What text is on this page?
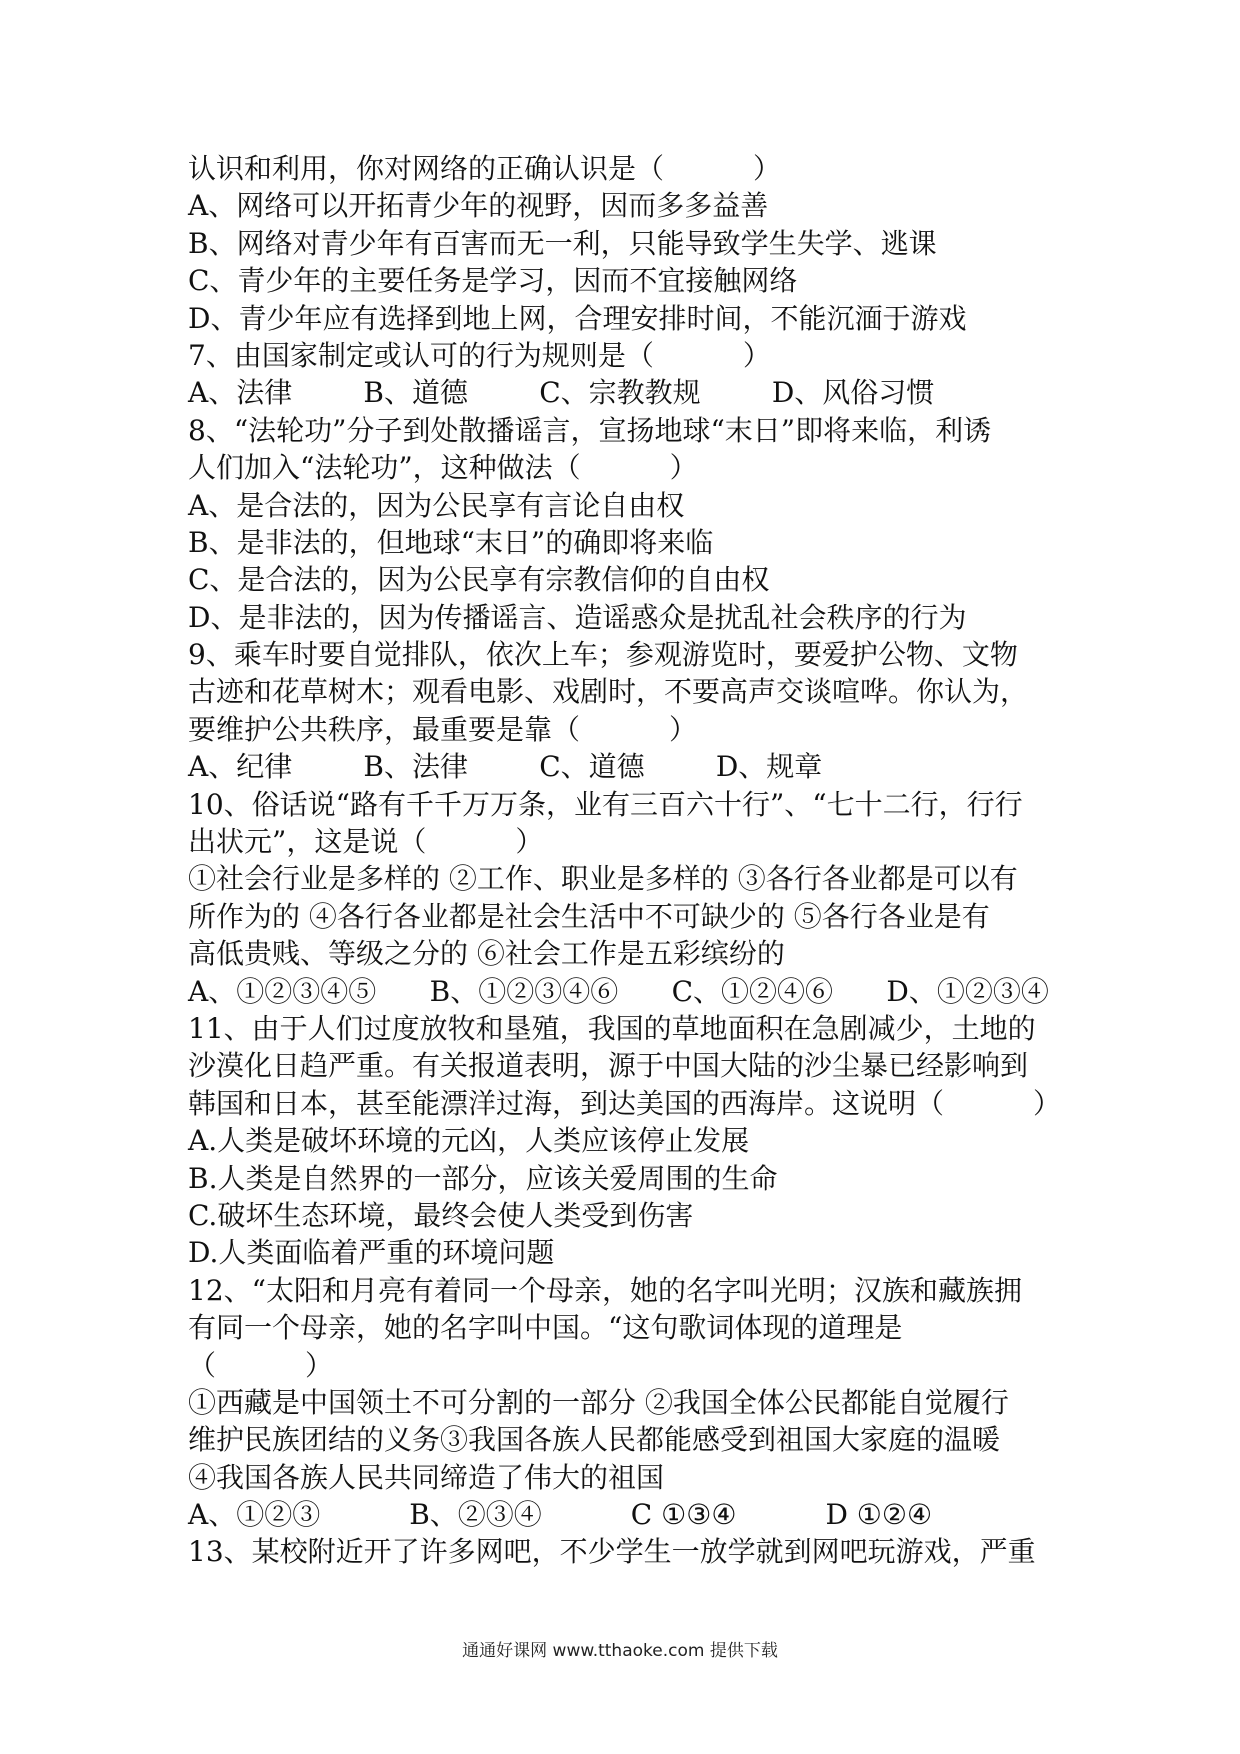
认识和利用，你对网络的正确认识是（          ）
A、网络可以开拓青少年的视野，因而多多益善
B、网络对青少年有百害而无一利，只能导致学生失学、逃课
C、青少年的主要任务是学习，因而不宜接触网络
D、青少年应有选择到地上网，合理安排时间，不能沉湎于游戏
7、由国家制定或认可的行为规则是（          ）
A、法律        B、道德        C、宗教教规        D、风俗习惯
8、“法轮功”分子到处散播谣言，宣扬地球“末日”即将来临，利诱
人们加入“法轮功”，这种做法（          ）
A、是合法的，因为公民享有言论自由权
B、是非法的，但地球“末日”的确即将来临
C、是合法的，因为公民享有宗教信仰的自由权
D、是非法的，因为传播谣言、造谣惑众是扰乱社会秩序的行为
9、乘车时要自觉排队，依次上车；参观游览时，要爱护公物、文物
古迹和花草树木；观看电影、戏剧时，不要高声交谈喧哗。你认为，
要维护公共秩序，最重要是靠（          ）
A、纪律        B、法律        C、道德        D、规章
10、俗话说“路有千千万万条，业有三百六十行”、“七十二行，行行
出状元”，这是说（          ）
①社会行业是多样的 ②工作、职业是多样的 ③各行各业都是可以有
所作为的 ④各行各业都是社会生活中不可缺少的 ⑤各行各业是有
高低贵贱、等级之分的 ⑥社会工作是五彩缤纷的
A、①②③④⑤      B、①②③④⑥      C、①②④⑥      D、①②③④
11、由于人们过度放牧和垦殖，我国的草地面积在急剧减少，土地的
沙漠化日趋严重。有关报道表明，源于中国大陆的沙尘暴已经影响到
韩国和日本，甚至能漂洋过海，到达美国的西海岸。这说明（          ）
A.人类是破坏环境的元凶，人类应该停止发展
B.人类是自然界的一部分，应该关爱周围的生命
C.破坏生态环境，最终会使人类受到伤害
D.人类面临着严重的环境问题
12、“太阳和月亮有着同一个母亲，她的名字叫光明；汉族和藏族拥
有同一个母亲，她的名字叫中国。“这句歌词体现的道理是
（          ）
①西藏是中国领土不可分割的一部分 ②我国全体公民都能自觉履行
维护民族团结的义务③我国各族人民都能感受到祖国大家庭的温暖
④我国各族人民共同缔造了伟大的祖国
A、①②③          B、②③④          C ①③④          D ①②④
13、某校附近开了许多网吧，不少学生一放学就到网吧玩游戏，严重
通通好课网 www.tthaoke.com 提供下载
